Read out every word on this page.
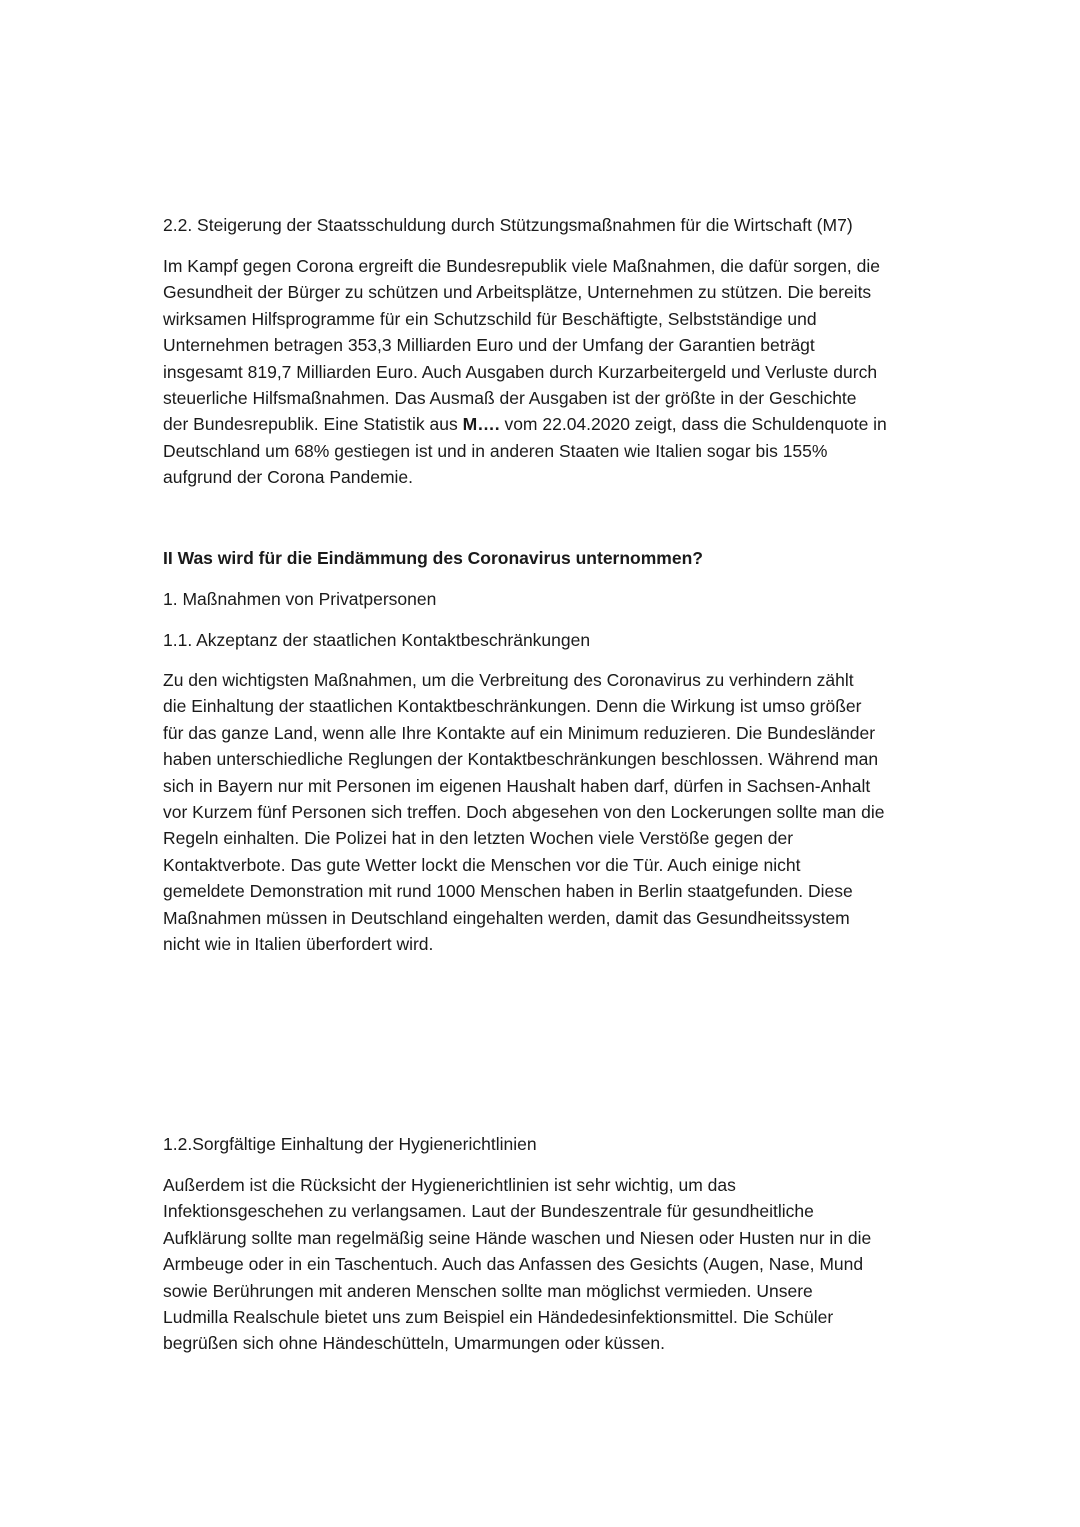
2.2. Steigerung der Staatsschuldung durch Stützungsmaßnahmen für die Wirtschaft (M7)

Im Kampf gegen Corona ergreift die Bundesrepublik viele Maßnahmen, die dafür sorgen, die
Gesundheit der Bürger zu schützen und Arbeitsplätze, Unternehmen zu stützen. Die bereits
wirksamen Hilfsprogramme für ein Schutzschild für Beschäftigte, Selbstständige und
Unternehmen betragen 353,3 Milliarden Euro und der Umfang der Garantien beträgt
insgesamt 819,7 Milliarden Euro. Auch Ausgaben durch Kurzarbeitergeld und Verluste durch
steuerliche Hilfsmaßnahmen. Das Ausmaß der Ausgaben ist der größte in der Geschichte
der Bundesrepublik. Eine Statistik aus M…. vom 22.04.2020 zeigt, dass die Schuldenquote in
Deutschland um 68% gestiegen ist und in anderen Staaten wie Italien sogar bis 155%
aufgrund der Corona Pandemie.

II Was wird für die Eindämmung des Coronavirus unternommen?

1. Maßnahmen von Privatpersonen

1.1. Akzeptanz der staatlichen Kontaktbeschränkungen

Zu den wichtigsten Maßnahmen, um die Verbreitung des Coronavirus zu verhindern zählt
die Einhaltung der staatlichen Kontaktbeschränkungen. Denn die Wirkung ist umso größer
für das ganze Land, wenn alle Ihre Kontakte auf ein Minimum reduzieren. Die Bundesländer
haben unterschiedliche Reglungen der Kontaktbeschränkungen beschlossen. Während man
sich in Bayern nur mit Personen im eigenen Haushalt haben darf, dürfen in Sachsen-Anhalt
vor Kurzem fünf Personen sich treffen. Doch abgesehen von den Lockerungen sollte man die
Regeln einhalten. Die Polizei hat in den letzten Wochen viele Verstöße gegen der
Kontaktverbote. Das gute Wetter lockt die Menschen vor die Tür. Auch einige nicht
gemeldete Demonstration mit rund 1000 Menschen haben in Berlin staatgefunden. Diese
Maßnahmen müssen in Deutschland eingehalten werden, damit das Gesundheitssystem
nicht wie in Italien überfordert wird.

1.2.Sorgfältige Einhaltung der Hygienerichtlinien

Außerdem ist die Rücksicht der Hygienerichtlinien ist sehr wichtig, um das
Infektionsgeschehen zu verlangsamen. Laut der Bundeszentrale für gesundheitliche
Aufklärung sollte man regelmäßig seine Hände waschen und Niesen oder Husten nur in die
Armbeuge oder in ein Taschentuch. Auch das Anfassen des Gesichts (Augen, Nase, Mund
sowie Berührungen mit anderen Menschen sollte man möglichst vermieden. Unsere
Ludmilla Realschule bietet uns zum Beispiel ein Händedesinfektionsmittel. Die Schüler
begrüßen sich ohne Händeschütteln, Umarmungen oder küssen.
